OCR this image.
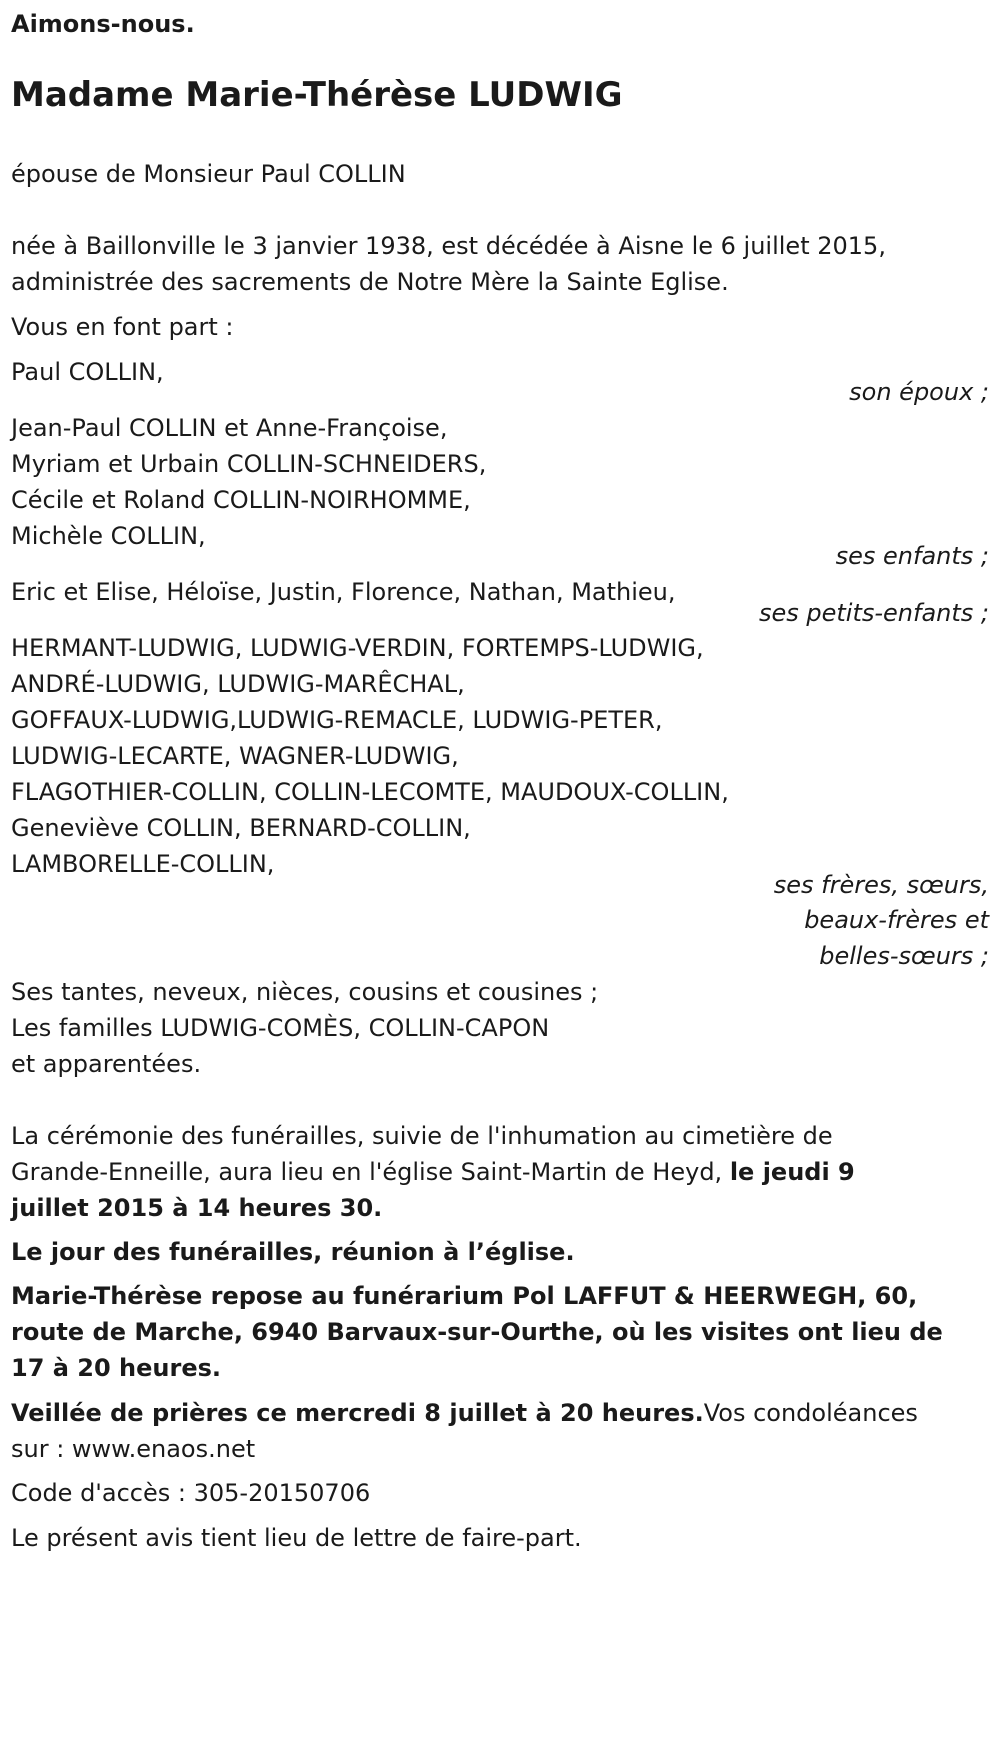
Aimons-nous.
Madame Marie-Thérèse LUDWIG
épouse de Monsieur Paul COLLIN
née à Baillonville le 3 janvier 1938, est décédée à Aisne le 6 juillet 2015,
administrée des sacrements de Notre Mère la Sainte Eglise.
Vous en font part :
Paul COLLIN,
son époux ;
Jean-Paul COLLIN et Anne-Françoise,
Myriam et Urbain COLLIN-SCHNEIDERS,
Cécile et Roland COLLIN-NOIRHOMME,
Michèle COLLIN,
ses enfants ;
Eric et Elise, Héloïse, Justin, Florence, Nathan, Mathieu,
ses petits-enfants ;
HERMANT-LUDWIG, LUDWIG-VERDIN, FORTEMPS-LUDWIG,
ANDRÉ-LUDWIG, LUDWIG-MARÊCHAL,
GOFFAUX-LUDWIG,LUDWIG-REMACLE, LUDWIG-PETER,
LUDWIG-LECARTE, WAGNER-LUDWIG,
FLAGOTHIER-COLLIN, COLLIN-LECOMTE, MAUDOUX-COLLIN,
Geneviève COLLIN, BERNARD-COLLIN,
LAMBORELLE-COLLIN,
ses frères, sœurs,
beaux-frères et
belles-sœurs ;
Ses tantes, neveux, nièces, cousins et cousines ;
Les familles LUDWIG-COMÈS, COLLIN-CAPON
et apparentées.
La cérémonie des funérailles, suivie de l'inhumation au cimetière de
Grande-Enneille, aura lieu en l'église Saint-Martin de Heyd, le jeudi 9
juillet 2015 à 14 heures 30.
Le jour des funérailles, réunion à l’église.
Marie-Thérèse repose au funérarium Pol LAFFUT & HEERWEGH, 60,
route de Marche, 6940 Barvaux-sur-Ourthe, où les visites ont lieu de
17 à 20 heures.
Veillée de prières ce mercredi 8 juillet à 20 heures.Vos condoléances
sur : www.enaos.net
Code d'accès : 305-20150706
Le présent avis tient lieu de lettre de faire-part.
